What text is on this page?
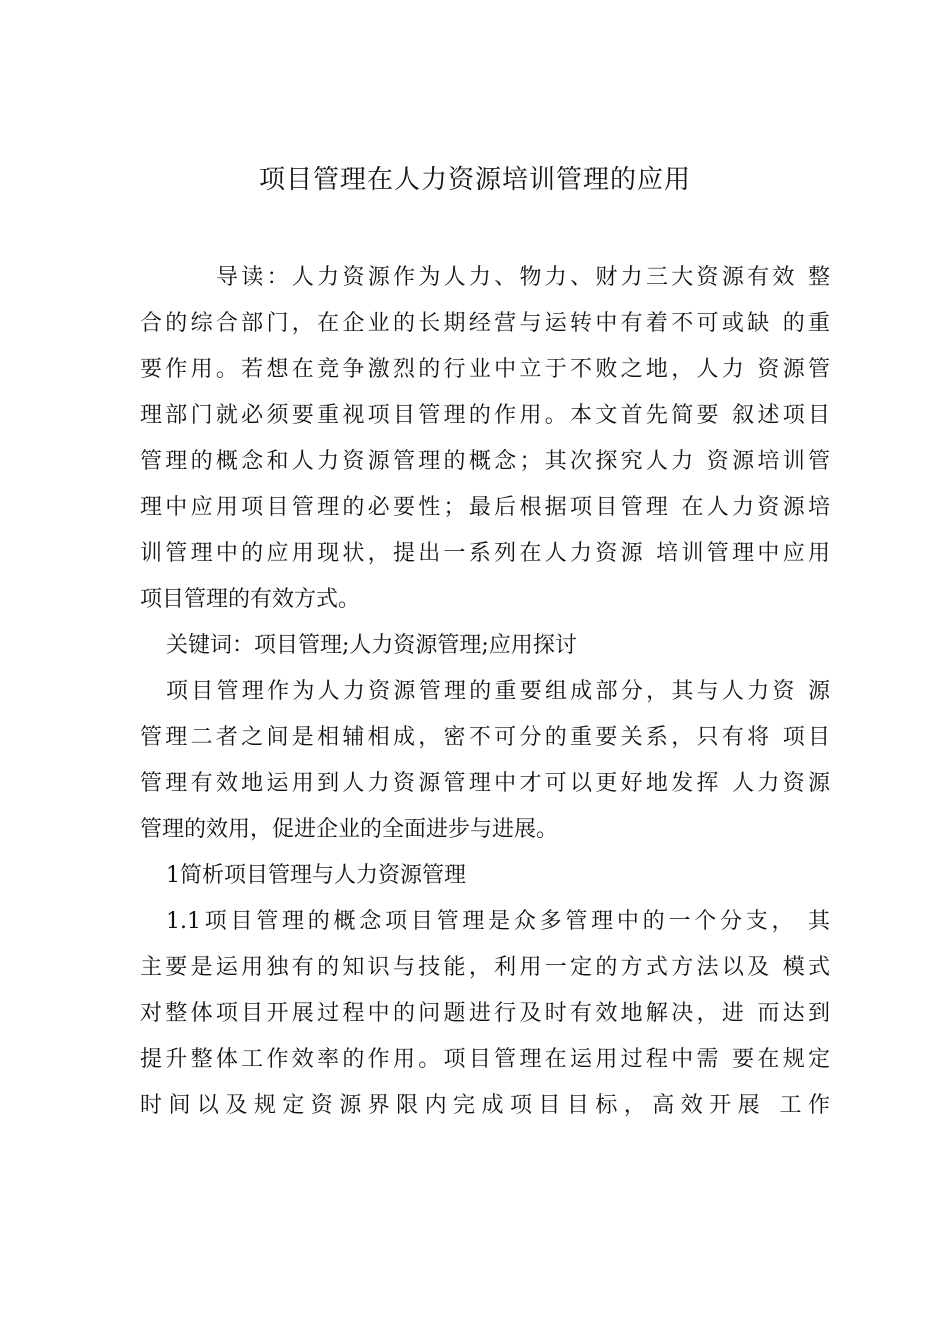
项目管理在人力资源培训管理的应用
导读：人力资源作为人力、物力、财力三大资源有效 整
合的综合部门，在企业的长期经营与运转中有着不可或缺 的重
要作用。若想在竞争激烈的行业中立于不败之地，人力 资源管
理部门就必须要重视项目管理的作用。本文首先简要 叙述项目
管理的概念和人力资源管理的概念；其次探究人力 资源培训管
理中应用项目管理的必要性；最后根据项目管理 在人力资源培
训管理中的应用现状，提出一系列在人力资源 培训管理中应用
项目管理的有效方式。
关键词：项目管理;人力资源管理;应用探讨
项目管理作为人力资源管理的重要组成部分，其与人力资 源
管理二者之间是相辅相成，密不可分的重要关系，只有将 项目
管理有效地运用到人力资源管理中才可以更好地发挥 人力资源
管理的效用，促进企业的全面进步与进展。
1简析项目管理与人力资源管理
1.1项目管理的概念项目管理是众多管理中的一个分支， 其
主要是运用独有的知识与技能，利用一定的方式方法以及 模式
对整体项目开展过程中的问题进行及时有效地解决，进 而达到
提升整体工作效率的作用。项目管理在运用过程中需 要在规定
时间以及规定资源界限内完成项目目标，高效开展 工作
